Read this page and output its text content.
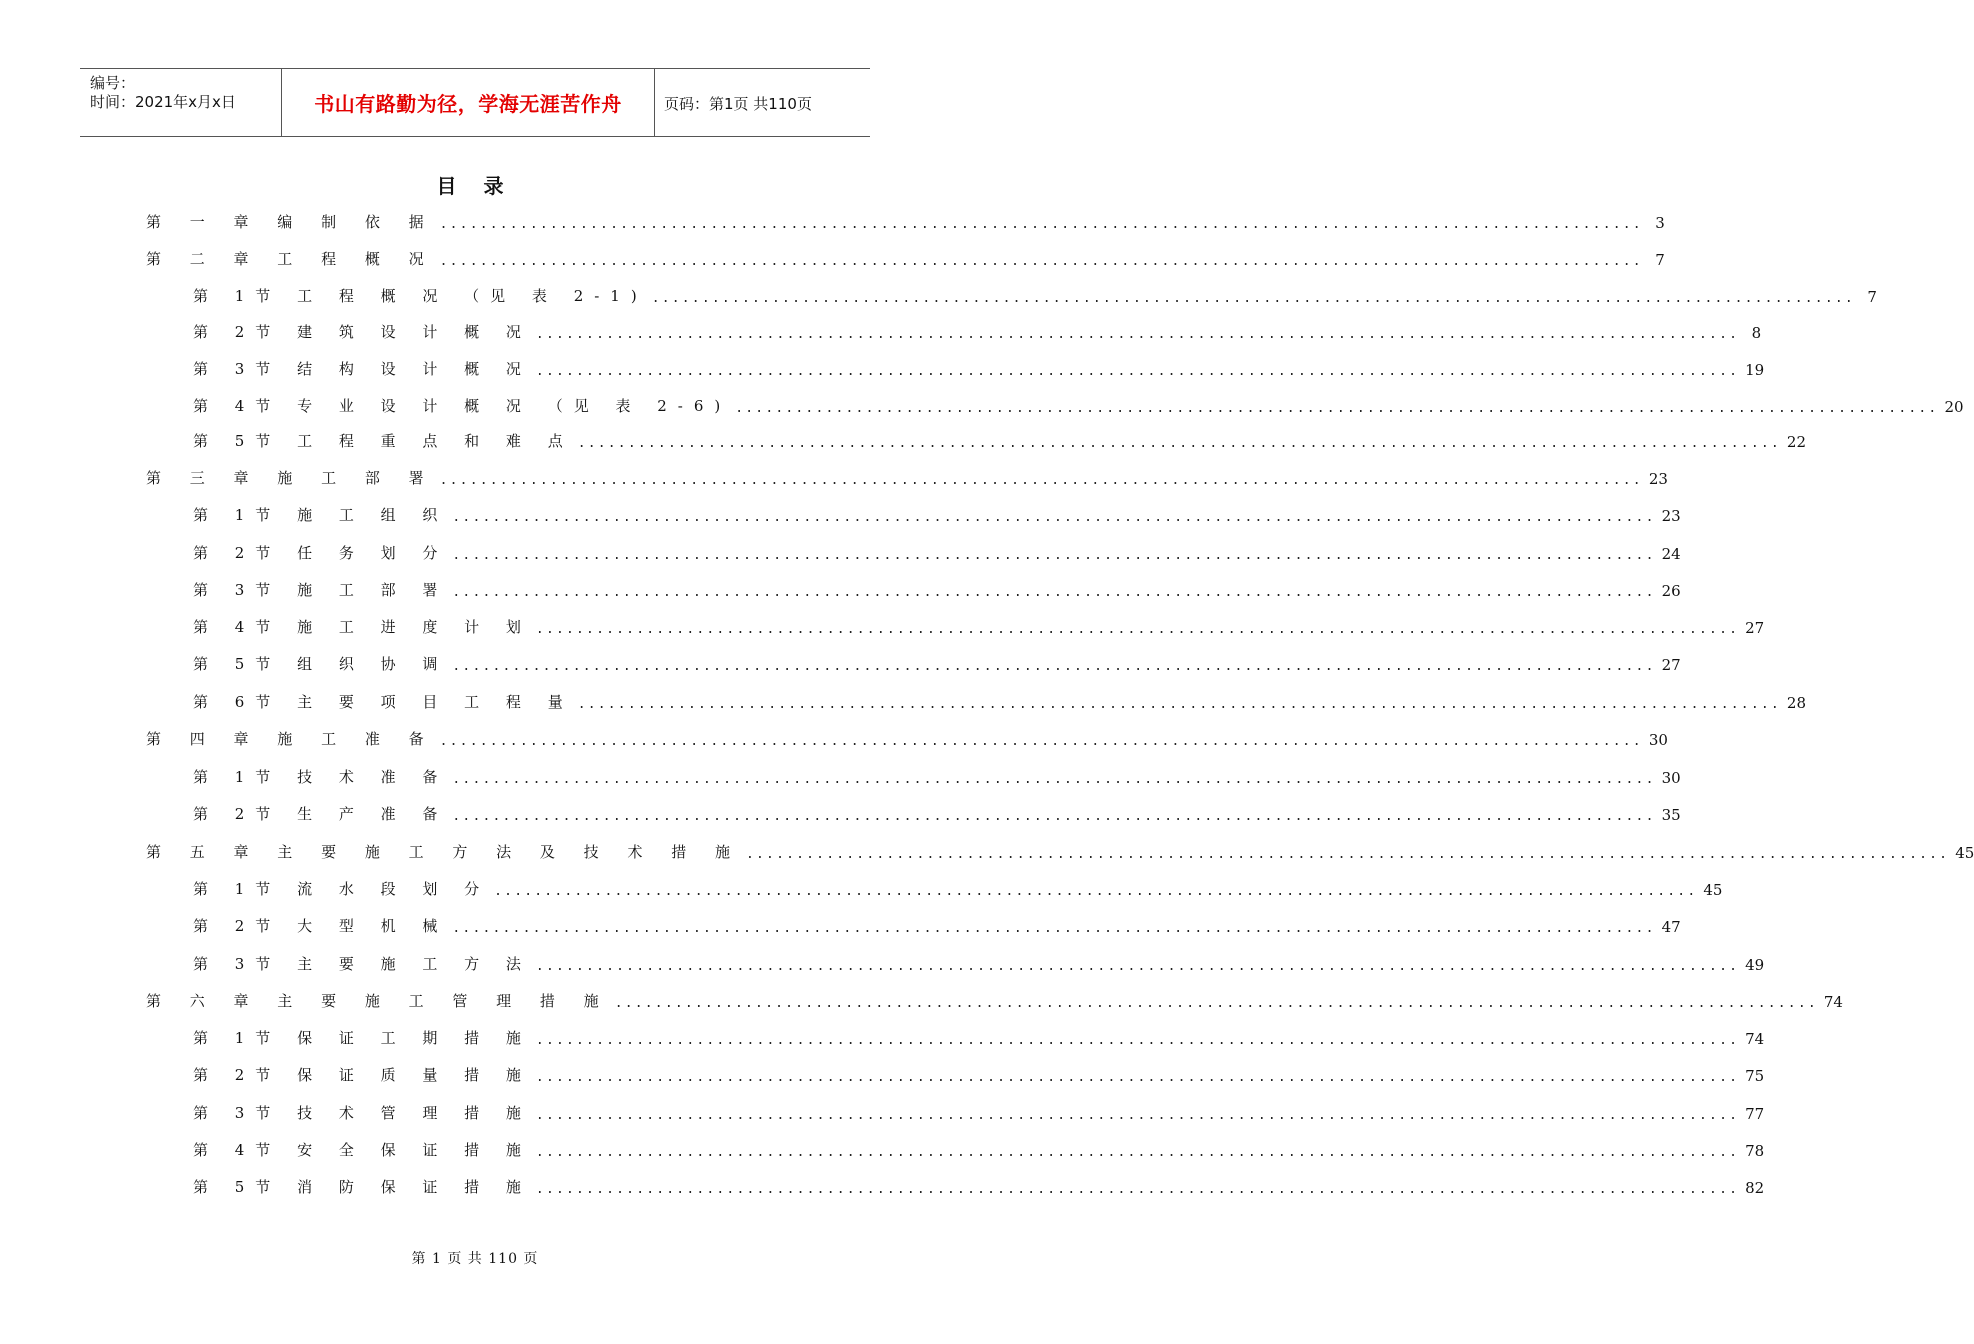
编号：
时间：2021年x月x日	书山有路勤为径，学海无涯苦作舟	页码：第1页 共110页
目 录
第 一 章 编 制 依 据 ........................................................................................................................ 3
第 二 章 工 程 概 况 ........................................................................................................................ 7
第 1节 工 程 概 况 （见 表 2-1) ........................................................................................................................ 7
第 2节 建 筑 设 计 概 况 ........................................................................................................................ 8
第 3节 结 构 设 计 概 况 ........................................................................................................................ 19
第 4节 专 业 设 计 概 况 （见 表 2-6) ........................................................................................................................ 20
第 5节 工 程 重 点 和 难 点 ........................................................................................................................ 22
第 三 章 施 工 部 署 ........................................................................................................................ 23
第 1节 施 工 组 织 ........................................................................................................................ 23
第 2节 任 务 划 分 ........................................................................................................................ 24
第 3节 施 工 部 署 ........................................................................................................................ 26
第 4节 施 工 进 度 计 划 ........................................................................................................................ 27
第 5节 组 织 协 调 ........................................................................................................................ 27
第 6节 主 要 项 目 工 程 量 ........................................................................................................................ 28
第 四 章 施 工 准 备 ........................................................................................................................ 30
第 1节 技 术 准 备 ........................................................................................................................ 30
第 2节 生 产 准 备 ........................................................................................................................ 35
第 五 章 主 要 施 工 方 法 及 技 术 措 施 ........................................................................................................................ 45
第 1节 流 水 段 划 分 ........................................................................................................................ 45
第 2节 大 型 机 械 ........................................................................................................................ 47
第 3节 主 要 施 工 方 法 ........................................................................................................................ 49
第 六 章 主 要 施 工 管 理 措 施 ........................................................................................................................ 74
第 1节 保 证 工 期 措 施 ........................................................................................................................ 74
第 2节 保 证 质 量 措 施 ........................................................................................................................ 75
第 3节 技 术 管 理 措 施 ........................................................................................................................ 77
第 4节 安 全 保 证 措 施 ........................................................................................................................ 78
第 5节 消 防 保 证 措 施 ........................................................................................................................ 82
第 1 页 共 110 页
